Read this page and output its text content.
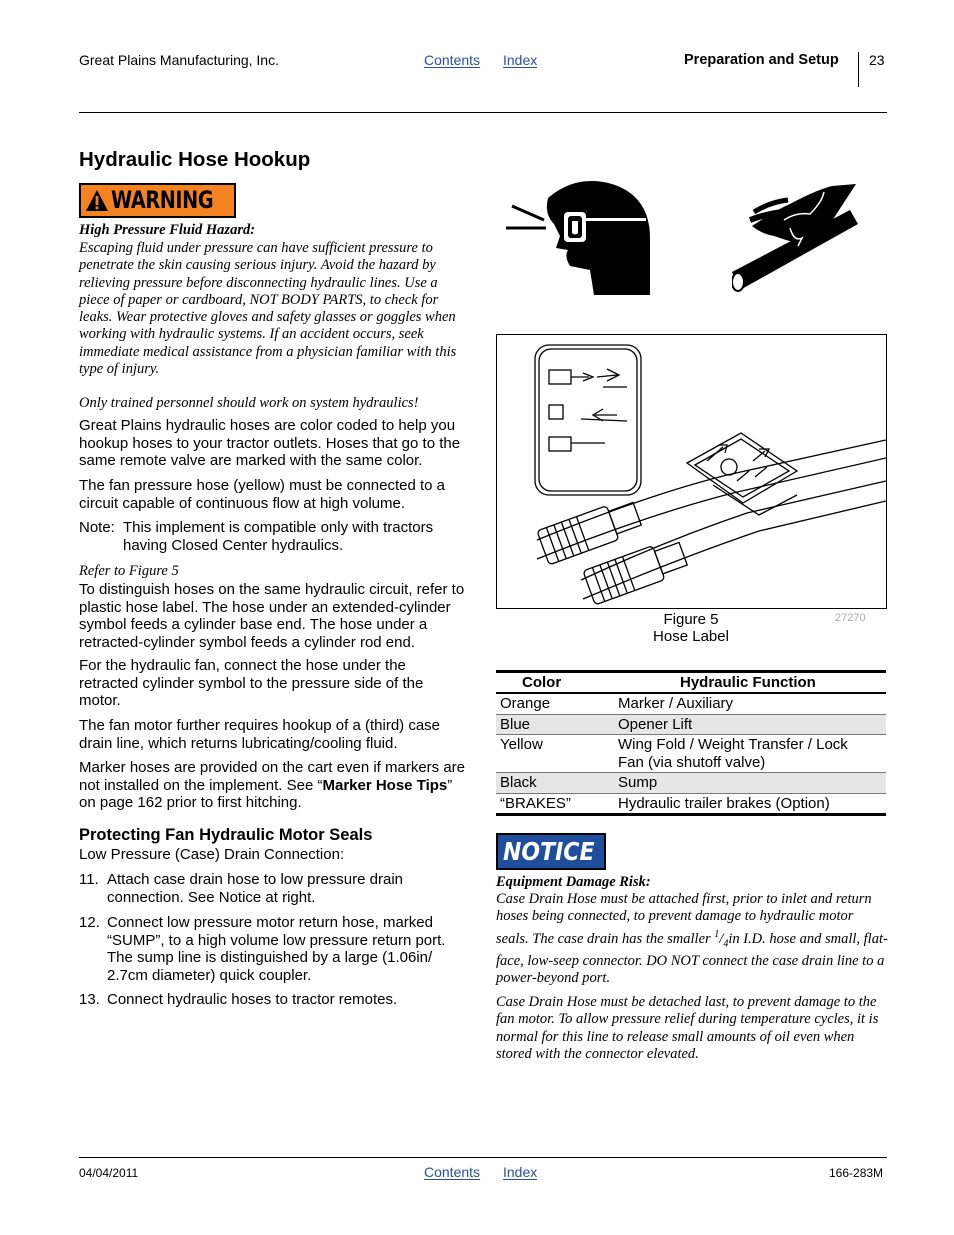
Great Plains Manufacturing, Inc.	Contents Index	Preparation and Setup 23
Hydraulic Hose Hookup
WARNING
High Pressure Fluid Hazard:

Escaping fluid under pressure can have sufficient pressure to penetrate the skin causing serious injury. Avoid the hazard by relieving pressure before disconnecting hydraulic lines. Use a piece of paper or cardboard, NOT BODY PARTS, to check for leaks. Wear protective gloves and safety glasses or goggles when working with hydraulic systems. If an accident occurs, seek immediate medical assistance from a physician familiar with this type of injury.

Only trained personnel should work on system hydraulics!

Great Plains hydraulic hoses are color coded to help you hookup hoses to your tractor outlets. Hoses that go to the same remote valve are marked with the same color.

The fan pressure hose (yellow) must be connected to a circuit capable of continuous flow at high volume.

Note: This implement is compatible only with tractors having Closed Center hydraulics.
Refer to Figure 5

To distinguish hoses on the same hydraulic circuit, refer to plastic hose label. The hose under an extended-cylinder symbol feeds a cylinder base end. The hose under a retracted-cylinder symbol feeds a cylinder rod end.

For the hydraulic fan, connect the hose under the retracted cylinder symbol to the pressure side of the motor.

The fan motor further requires hookup of a (third) case drain line, which returns lubricating/cooling fluid.

Marker hoses are provided on the cart even if markers are not installed on the implement. See “Marker Hose Tips” on page 162 prior to first hitching.

Protecting Fan Hydraulic Motor Seals
Low Pressure (Case) Drain Connection:
11. Attach case drain hose to low pressure drain connection. See Notice at right.
12. Connect low pressure motor return hose, marked “SUMP”, to a high volume low pressure return port. The sump line is distinguished by a large (1.06in/ 2.7cm diameter) quick coupler.
13. Connect hydraulic hoses to tractor remotes.
Figure 5
Hose Label
27270
Color	Hydraulic Function
Orange	Marker / Auxiliary
Blue	Opener Lift
Yellow	Wing Fold / Weight Transfer / Lock
Fan (via shutoff valve)
Black	Sump
“BRAKES”	Hydraulic trailer brakes (Option)
NOTICE
Equipment Damage Risk:

Case Drain Hose must be attached first, prior to inlet and return hoses being connected, to prevent damage to hydraulic motor seals. The case drain has the smaller $^1/_4in$ I.D. hose and small, flat-face, low-seep connector. DO NOT connect the case drain line to a power-beyond port.

Case Drain Hose must be detached last, to prevent damage to the fan motor. To allow pressure relief during temperature cycles, it is normal for this line to release small amounts of oil even when stored with the connector elevated.

04/04/2011	Contents Index	166-283M
